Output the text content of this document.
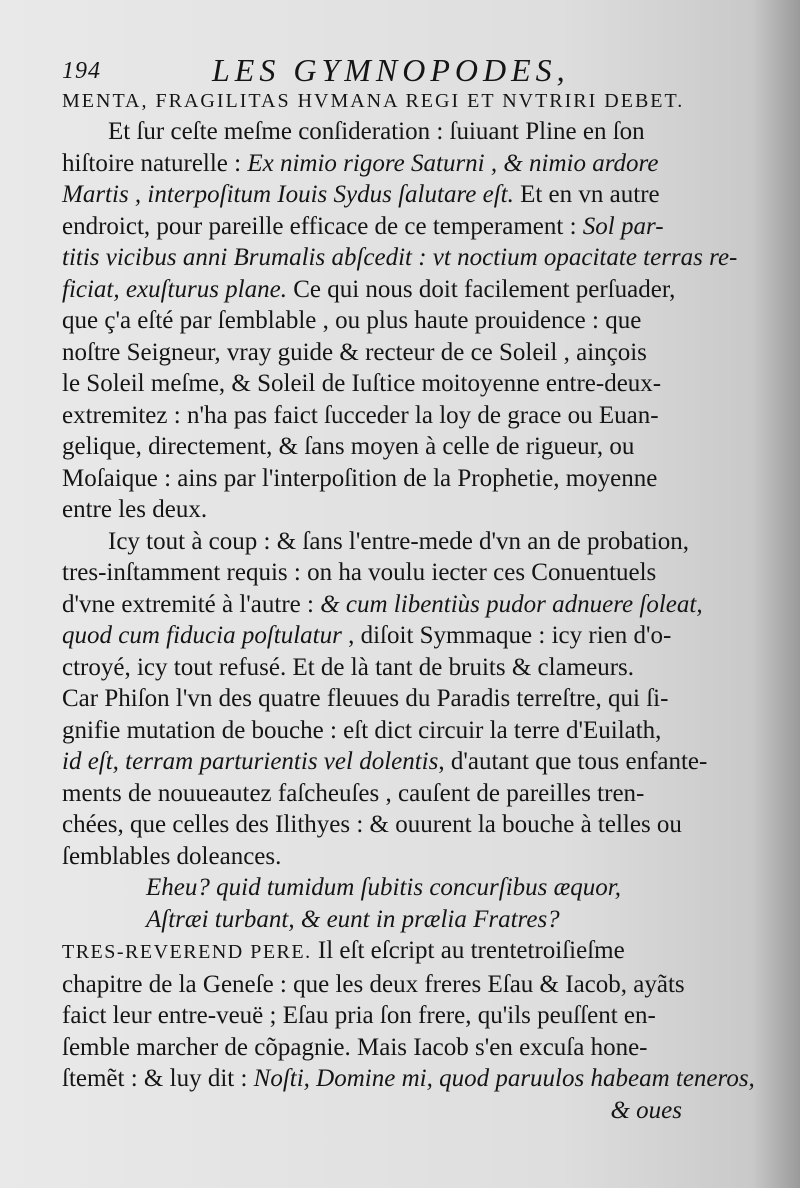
194	LES GYMNOPODES,
MENTA, FRAGILITAS HVMANA REGI ET NVTRIRI DEBET.
Et ſur ceſte meſme conſideration : ſuiuant Pline en ſon
hiſtoire naturelle : Ex nimio rigore Saturni , & nimio ardore
Martis , interpoſitum Iouis Sydus ſalutare eſt. Et en vn autre
endroict, pour pareille efficace de ce temperament : Sol par-
titis vicibus anni Brumalis abſcedit : vt noctium opacitate terras re-
ficiat, exuſturus plane. Ce qui nous doit facilement perſuader,
que ç'a eſté par ſemblable , ou plus haute prouidence : que
noſtre Seigneur, vray guide & recteur de ce Soleil , ainçois
le Soleil meſme, & Soleil de Iuſtice moitoyenne entre-deux-
extremitez : n'ha pas faict ſucceder la loy de grace ou Euan-
gelique, directement, & ſans moyen à celle de rigueur, ou
Moſaique : ains par l'interpoſition de la Prophetie, moyenne
entre les deux.
Icy tout à coup : & ſans l'entre-mede d'vn an de probation,
tres-inſtamment requis : on ha voulu iecter ces Conuentuels
d'vne extremité à l'autre : & cum libentiùs pudor adnuere ſoleat,
quod cum fiducia poſtulatur , diſoit Symmaque : icy rien d'o-
ctroyé, icy tout refusé. Et de là tant de bruits & clameurs.
Car Phiſon l'vn des quatre fleuues du Paradis terreſtre, qui ſi-
gnifie mutation de bouche : eſt dict circuir la terre d'Euilath,
id eſt, terram parturientis vel dolentis, d'autant que tous enfante-
ments de nouueautez faſcheuſes , cauſent de pareilles tren-
chées, que celles des Ilithyes : & ouurent la bouche à telles ou
ſemblables doleances.
Eheu? quid tumidum ſubitis concurſibus æquor,
Aſtræi turbant, & eunt in prælia Fratres?
TRES-REVEREND PERE. Il eſt eſcript au trentetroiſieſme
chapitre de la Geneſe : que les deux freres Eſau & Iacob, ayãts
faict leur entre-veuë ; Eſau pria ſon frere, qu'ils peuſſent en-
ſemble marcher de cõpagnie. Mais Iacob s'en excuſa hone-
ſtemẽt : & luy dit : Noſti, Domine mi, quod paruulos habeam teneros,
& oues
